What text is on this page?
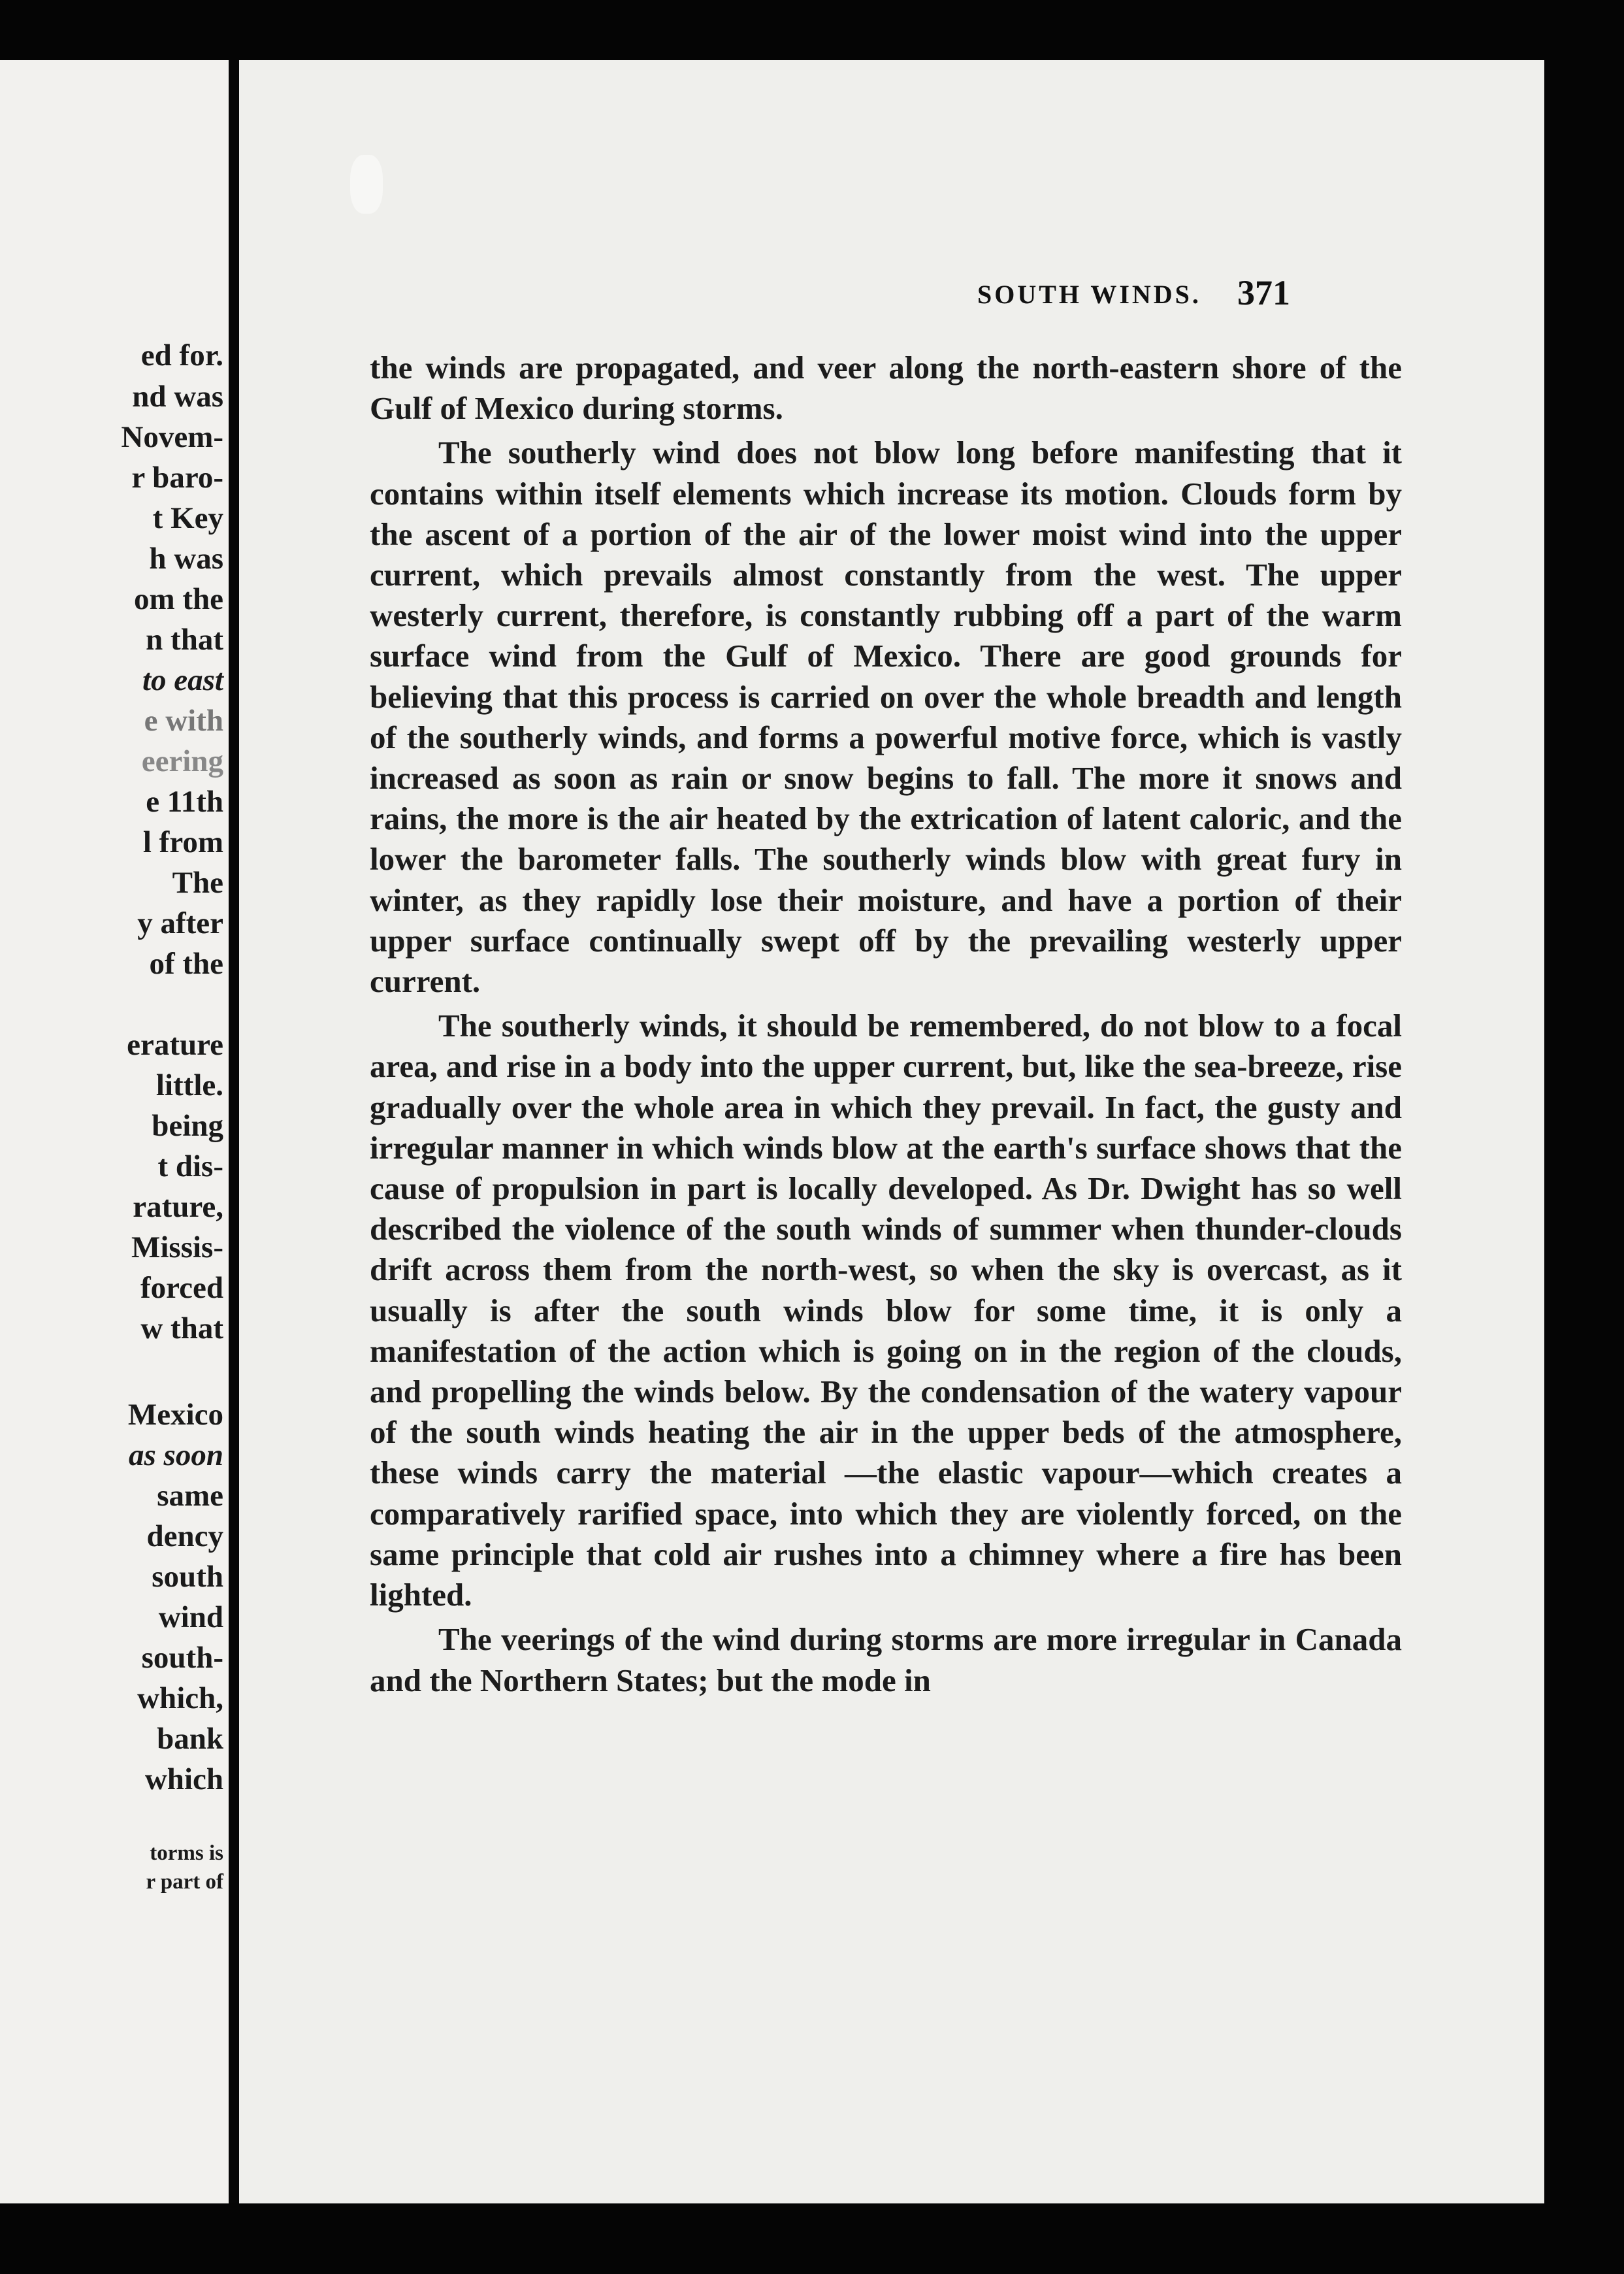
ed for.
nd was
Novem-
r baro-
t Key
h was
om the
n that
to east
e with
eering
e 11th
l from
The
y after
of the
erature
little.
being
t dis-
rature,
Missis-
forced
w that
Mexico
as soon
same
dency
south
wind
south-
which,
bank
which
torms is
r part of
SOUTH WINDS. 371

the winds are propagated, and veer along the north-eastern shore of the Gulf of Mexico during storms.

The southerly wind does not blow long before manifesting that it contains within itself elements which increase its motion. Clouds form by the ascent of a portion of the air of the lower moist wind into the upper current, which prevails almost constantly from the west. The upper westerly current, therefore, is constantly rubbing off a part of the warm surface wind from the Gulf of Mexico. There are good grounds for believing that this process is carried on over the whole breadth and length of the southerly winds, and forms a powerful motive force, which is vastly increased as soon as rain or snow begins to fall. The more it snows and rains, the more is the air heated by the extrication of latent caloric, and the lower the barometer falls. The southerly winds blow with great fury in winter, as they rapidly lose their moisture, and have a portion of their upper surface continually swept off by the prevailing westerly upper current.

The southerly winds, it should be remembered, do not blow to a focal area, and rise in a body into the upper current, but, like the sea-breeze, rise gradually over the whole area in which they prevail. In fact, the gusty and irregular manner in which winds blow at the earth's surface shows that the cause of propulsion in part is locally developed. As Dr. Dwight has so well described the violence of the south winds of summer when thunder-clouds drift across them from the north-west, so when the sky is overcast, as it usually is after the south winds blow for some time, it is only a manifestation of the action which is going on in the region of the clouds, and propelling the winds below. By the condensation of the watery vapour of the south winds heating the air in the upper beds of the atmosphere, these winds carry the material —the elastic vapour—which creates a comparatively rarified space, into which they are violently forced, on the same principle that cold air rushes into a chimney where a fire has been lighted.

The veerings of the wind during storms are more irregular in Canada and the Northern States; but the mode in
